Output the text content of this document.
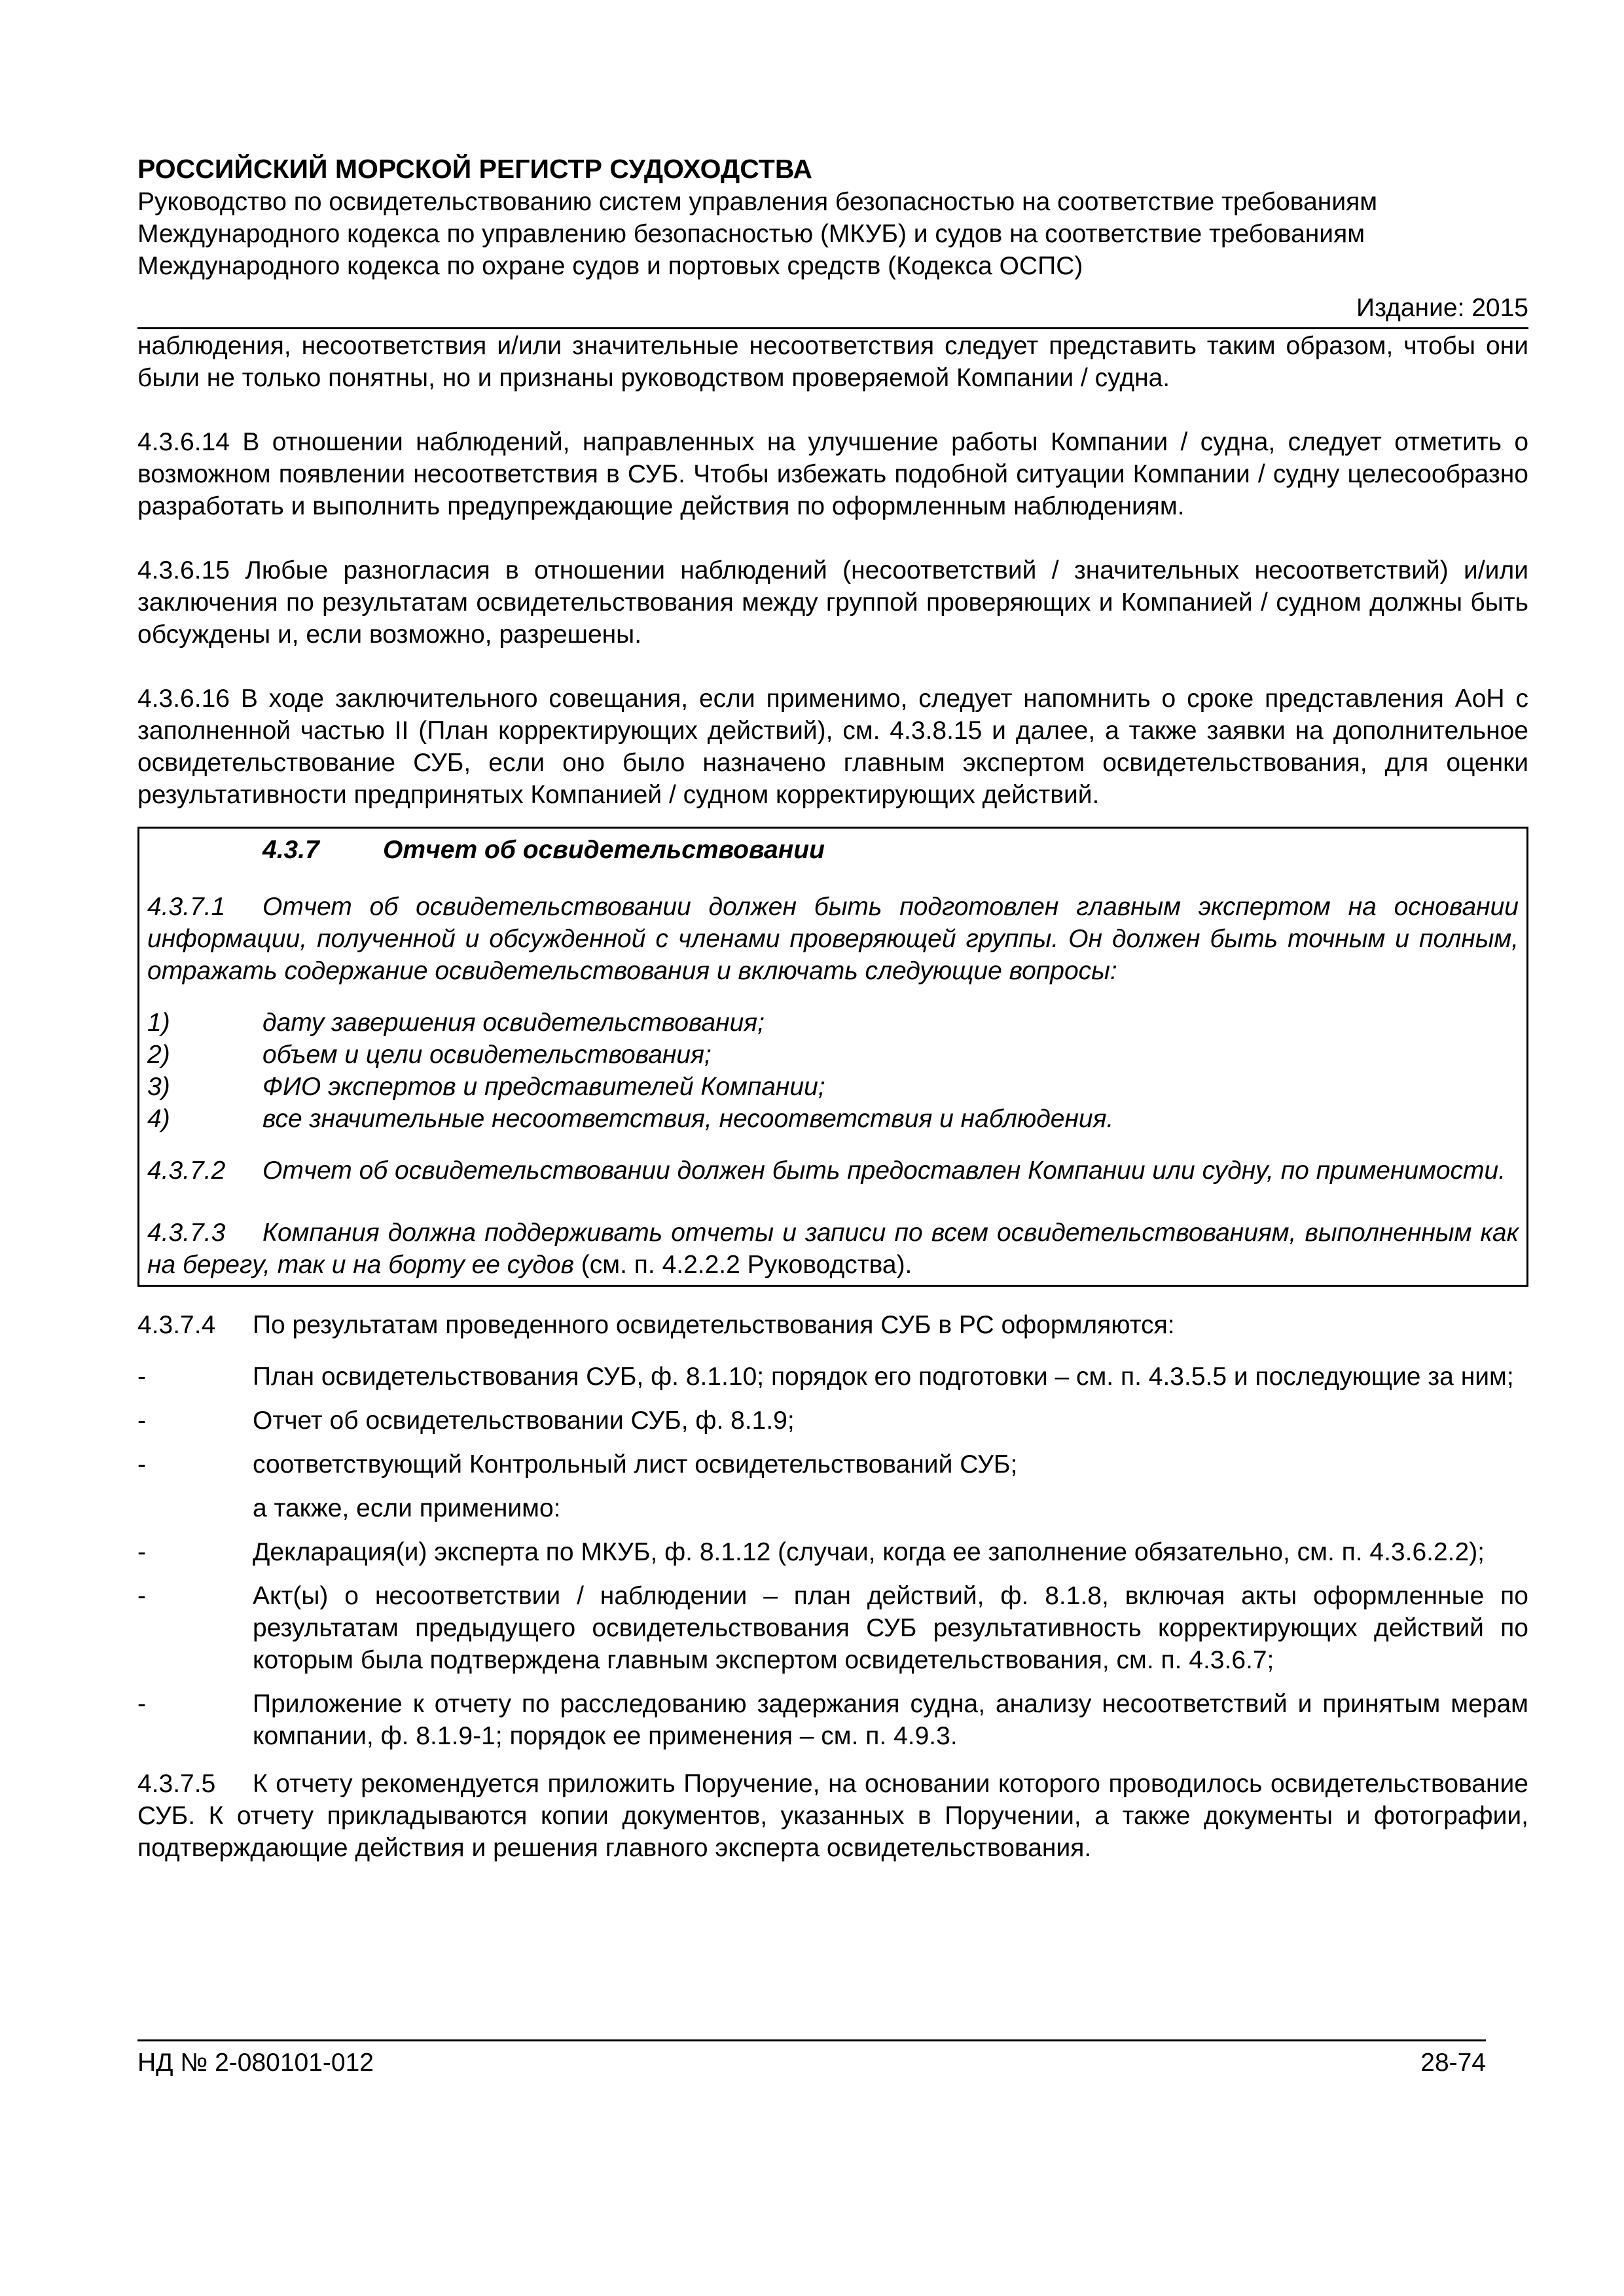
РОССИЙСКИЙ МОРСКОЙ РЕГИСТР СУДОХОДСТВА
Руководство по освидетельствованию систем управления безопасностью на соответствие требованиям
Международного кодекса по управлению безопасностью (МКУБ) и судов на соответствие требованиям
Международного кодекса по охране судов и портовых средств (Кодекса ОСПС)
Издание: 2015

наблюдения, несоответствия и/или значительные несоответствия следует представить таким образом, чтобы они были не только понятны, но и признаны руководством проверяемой Компании / судна.

4.3.6.14 В отношении наблюдений, направленных на улучшение работы Компании / судна, следует отметить о возможном появлении несоответствия в СУБ. Чтобы избежать подобной ситуации Компании / судну целесообразно разработать и выполнить предупреждающие действия по оформленным наблюдениям.

4.3.6.15 Любые разногласия в отношении наблюдений (несоответствий / значительных несоответствий) и/или заключения по результатам освидетельствования между группой проверяющих и Компанией / судном должны быть обсуждены и, если возможно, разрешены.

4.3.6.16 В ходе заключительного совещания, если применимо, следует напомнить о сроке представления АоН с заполненной частью II (План корректирующих действий), см. 4.3.8.15 и далее, а также заявки на дополнительное освидетельствование СУБ, если оно было назначено главным экспертом освидетельствования, для оценки результативности предпринятых Компанией / судном корректирующих действий.

4.3.7 Отчет об освидетельствовании

4.3.7.1 Отчет об освидетельствовании должен быть подготовлен главным экспертом на основании информации, полученной и обсужденной с членами проверяющей группы. Он должен быть точным и полным, отражать содержание освидетельствования и включать следующие вопросы:

1)	дату завершения освидетельствования;
2)	объем и цели освидетельствования;
3)	ФИО экспертов и представителей Компании;
4)	все значительные несоответствия, несоответствия и наблюдения.

4.3.7.2 Отчет об освидетельствовании должен быть предоставлен Компании или судну, по применимости.

4.3.7.3 Компания должна поддерживать отчеты и записи по всем освидетельствованиям, выполненным как на берегу, так и на борту ее судов (см. п. 4.2.2.2 Руководства).

4.3.7.4	По результатам проведенного освидетельствования СУБ в РС оформляются:
-	План освидетельствования СУБ, ф. 8.1.10; порядок его подготовки – см. п. 4.3.5.5 и последующие за ним;
-	Отчет об освидетельствовании СУБ, ф. 8.1.9;
-	соответствующий Контрольный лист освидетельствований СУБ;
а также, если применимо:
-	Декларация(и) эксперта по МКУБ, ф. 8.1.12 (случаи, когда ее заполнение обязательно, см. п. 4.3.6.2.2);
-	Акт(ы) о несоответствии / наблюдении – план действий, ф. 8.1.8, включая акты оформленные по результатам предыдущего освидетельствования СУБ результативность корректирующих действий по которым была подтверждена главным экспертом освидетельствования, см. п. 4.3.6.7;
-	Приложение к отчету по расследованию задержания судна, анализу несоответствий и принятым мерам компании, ф. 8.1.9-1; порядок ее применения – см. п. 4.9.3.

4.3.7.5 К отчету рекомендуется приложить Поручение, на основании которого проводилось освидетельствование СУБ. К отчету прикладываются копии документов, указанных в Поручении, а также документы и фотографии, подтверждающие действия и решения главного эксперта освидетельствования.

НД № 2-080101-012	28-74
